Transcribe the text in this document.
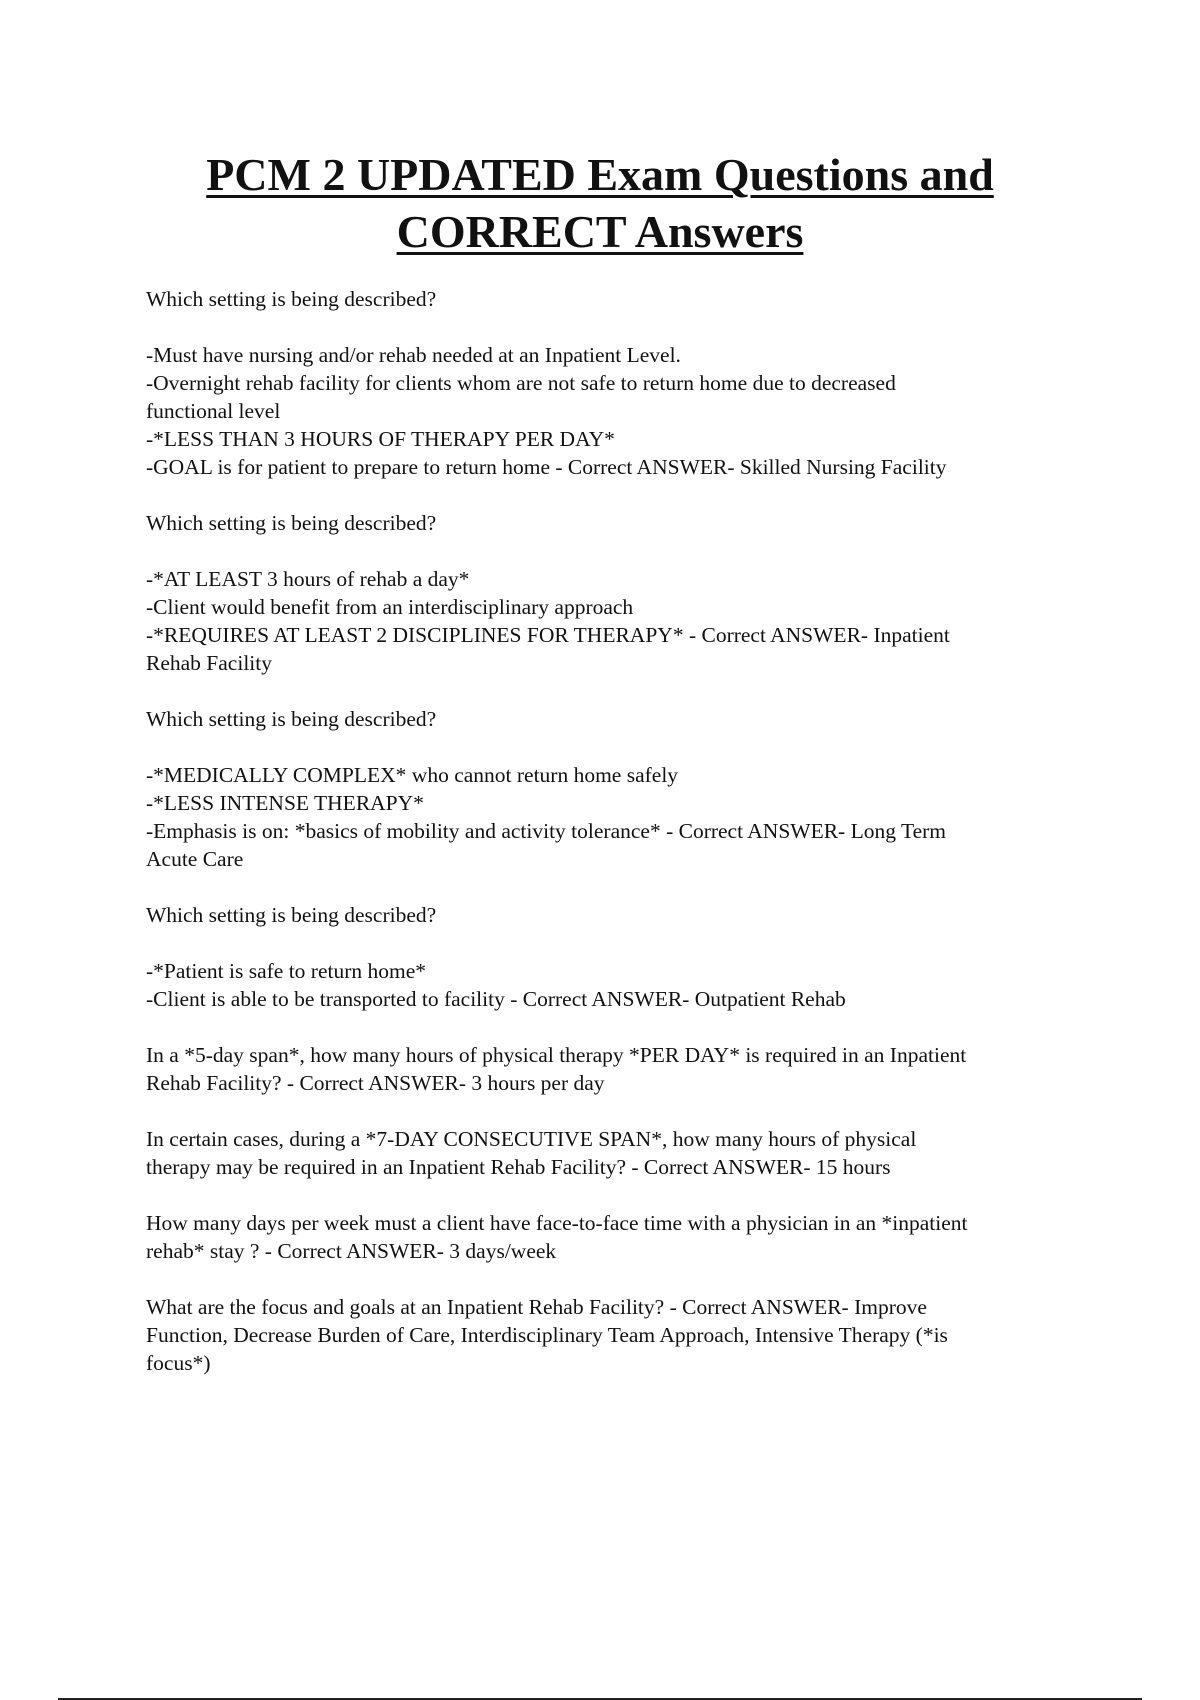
PCM 2 UPDATED Exam Questions and
CORRECT Answers

Which setting is being described?

-Must have nursing and/or rehab needed at an Inpatient Level.

-Overnight rehab facility for clients whom are not safe to return home due to decreased

functional level

-*LESS THAN 3 HOURS OF THERAPY PER DAY*

-GOAL is for patient to prepare to return home - Correct ANSWER- Skilled Nursing Facility

Which setting is being described?

-*AT LEAST 3 hours of rehab a day*

-Client would benefit from an interdisciplinary approach

-*REQUIRES AT LEAST 2 DISCIPLINES FOR THERAPY* - Correct ANSWER- Inpatient

Rehab Facility

Which setting is being described?

-*MEDICALLY COMPLEX* who cannot return home safely

-*LESS INTENSE THERAPY*

-Emphasis is on: *basics of mobility and activity tolerance* - Correct ANSWER- Long Term

Acute Care

Which setting is being described?

-*Patient is safe to return home*

-Client is able to be transported to facility - Correct ANSWER- Outpatient Rehab

In a *5-day span*, how many hours of physical therapy *PER DAY* is required in an Inpatient

Rehab Facility? - Correct ANSWER- 3 hours per day

In certain cases, during a *7-DAY CONSECUTIVE SPAN*, how many hours of physical

therapy may be required in an Inpatient Rehab Facility? - Correct ANSWER- 15 hours

How many days per week must a client have face-to-face time with a physician in an *inpatient

rehab* stay ? - Correct ANSWER- 3 days/week

What are the focus and goals at an Inpatient Rehab Facility? - Correct ANSWER- Improve

Function, Decrease Burden of Care, Interdisciplinary Team Approach, Intensive Therapy (*is

focus*)
